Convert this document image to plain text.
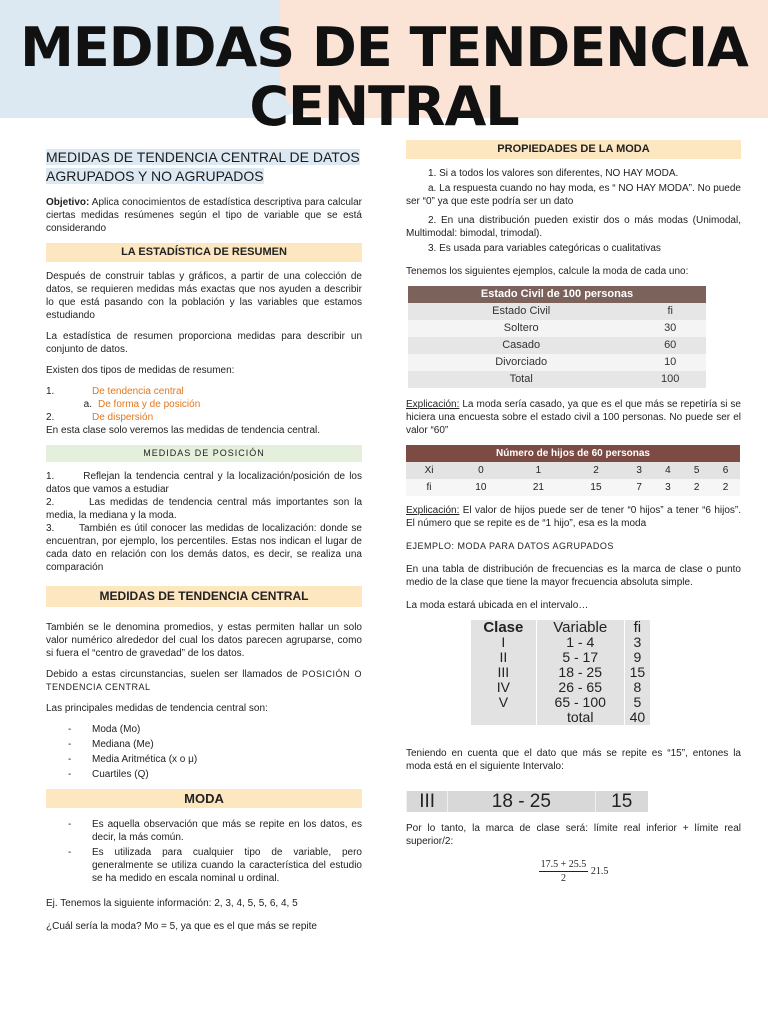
MEDIDAS DE TENDENCIA CENTRAL
MEDIDAS DE TENDENCIA CENTRAL DE DATOS AGRUPADOS Y NO AGRUPADOS

Objetivo: Aplica conocimientos de estadística descriptiva para calcular ciertas medidas resúmenes según el tipo de variable que se está considerando

LA ESTADÍSTICA DE RESUMEN

Después de construir tablas y gráficos, a partir de una colección de datos, se requieren medidas más exactas que nos ayuden a describir lo que está pasando con la población y las variables que estamos estudiando

La estadística de resumen proporciona medidas para describir un conjunto de datos.

Existen dos tipos de medidas de resumen:

1.	De tendencia central
a. De forma y de posición
2.	De dispersión
En esta clase solo veremos las medidas de tendencia central.
MEDIDAS DE POSICIÓN

1.	Reflejan la tendencia central y la localización/posición de los datos que vamos a estudiar

2.	Las medidas de tendencia central más importantes son la media, la mediana y la moda.

3. También es útil conocer las medidas de localización: donde se encuentran, por ejemplo, los percentiles. Estas nos indican el lugar de cada dato en relación con los demás datos, es decir, se realiza una comparación

MEDIDAS DE TENDENCIA CENTRAL

También se le denomina promedios, y estas permiten hallar un solo valor numérico alrededor del cual los datos parecen agruparse, como si fuera el “centro de gravedad” de los datos.

Debido a estas circunstancias, suelen ser llamados de POSICIÓN O TENDENCIA CENTRAL

Las principales medidas de tendencia central son:

-	Moda (Mo)
-	Mediana (Me)
-	Media Aritmética (x o μ)
-	Cuartiles (Q)
MODA
-	Es aquella observación que más se repite en los datos, es decir, la más común.
-	Es utilizada para cualquier tipo de variable, pero generalmente se utiliza cuando la característica del estudio se ha medido en escala nominal u ordinal.

Ej. Tenemos la siguiente información: 2, 3, 4, 5, 5, 6, 4, 5

¿Cuál sería la moda? Mo = 5, ya que es el que más se repite

PROPIEDADES DE LA MODA

1. Si a todos los valores son diferentes, NO HAY MODA.

a. La respuesta cuando no hay moda, es “ NO HAY MODA”. No puede ser “0” ya que este podría ser un dato

2. En una distribución pueden existir dos o más modas (Unimodal, Multimodal: bimodal, trimodal).

3. Es usada para variables categóricas o cualitativas

Tenemos los siguientes ejemplos, calcule la moda de cada uno:

Estado Civil de 100 personas	
Estado Civil	fi
Soltero	30
Casado	60
Divorciado	10
Total	100

Explicación: La moda sería casado, ya que es el que más se repetiría si se hiciera una encuesta sobre el estado civil a 100 personas. No puede ser el valor “60”

Número de hijos de 60 personas							
Xi	0	1	2	3	4	5	6
fi	10	21	15	7	3	2	2

Explicación: El valor de hijos puede ser de tener “0 hijos” a tener “6 hijos”. El número que se repite es de “1 hijo”, esa es la moda

EJEMPLO: MODA PARA DATOS AGRUPADOS

En una tabla de distribución de frecuencias es la marca de clase o punto medio de la clase que tiene la mayor frecuencia absoluta simple.

La moda estará ubicada en el intervalo…

Clase	Variable	fi
I	1 - 4	3
II	5 - 17	9
III	18 - 25	15
IV	26 - 65	8
V	65 - 100	5
	total	40

Teniendo en cuenta que el dato que más se repite es “15”, entones la moda está en el siguiente Intervalo:

III	18 - 25	15

Por lo tanto, la marca de clase será: límite real inferior + límite real superior/2:

$\frac{17.5 + 25.5}{2} 21.5$
